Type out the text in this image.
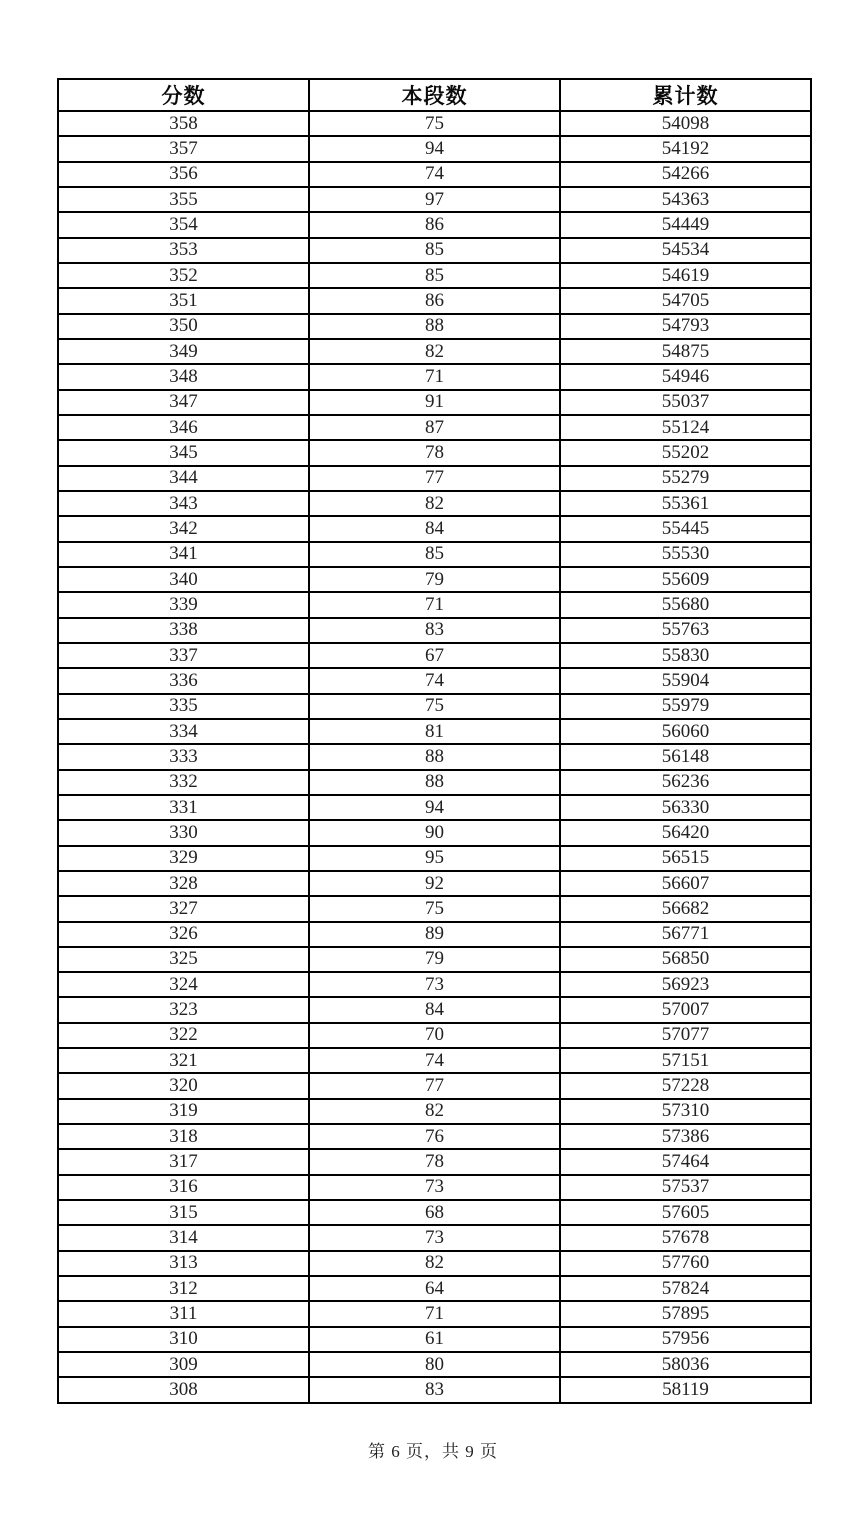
分数	本段数	累计数
358	75	54098
357	94	54192
356	74	54266
355	97	54363
354	86	54449
353	85	54534
352	85	54619
351	86	54705
350	88	54793
349	82	54875
348	71	54946
347	91	55037
346	87	55124
345	78	55202
344	77	55279
343	82	55361
342	84	55445
341	85	55530
340	79	55609
339	71	55680
338	83	55763
337	67	55830
336	74	55904
335	75	55979
334	81	56060
333	88	56148
332	88	56236
331	94	56330
330	90	56420
329	95	56515
328	92	56607
327	75	56682
326	89	56771
325	79	56850
324	73	56923
323	84	57007
322	70	57077
321	74	57151
320	77	57228
319	82	57310
318	76	57386
317	78	57464
316	73	57537
315	68	57605
314	73	57678
313	82	57760
312	64	57824
311	71	57895
310	61	57956
309	80	58036
308	83	58119
第 6 页，共 9 页
